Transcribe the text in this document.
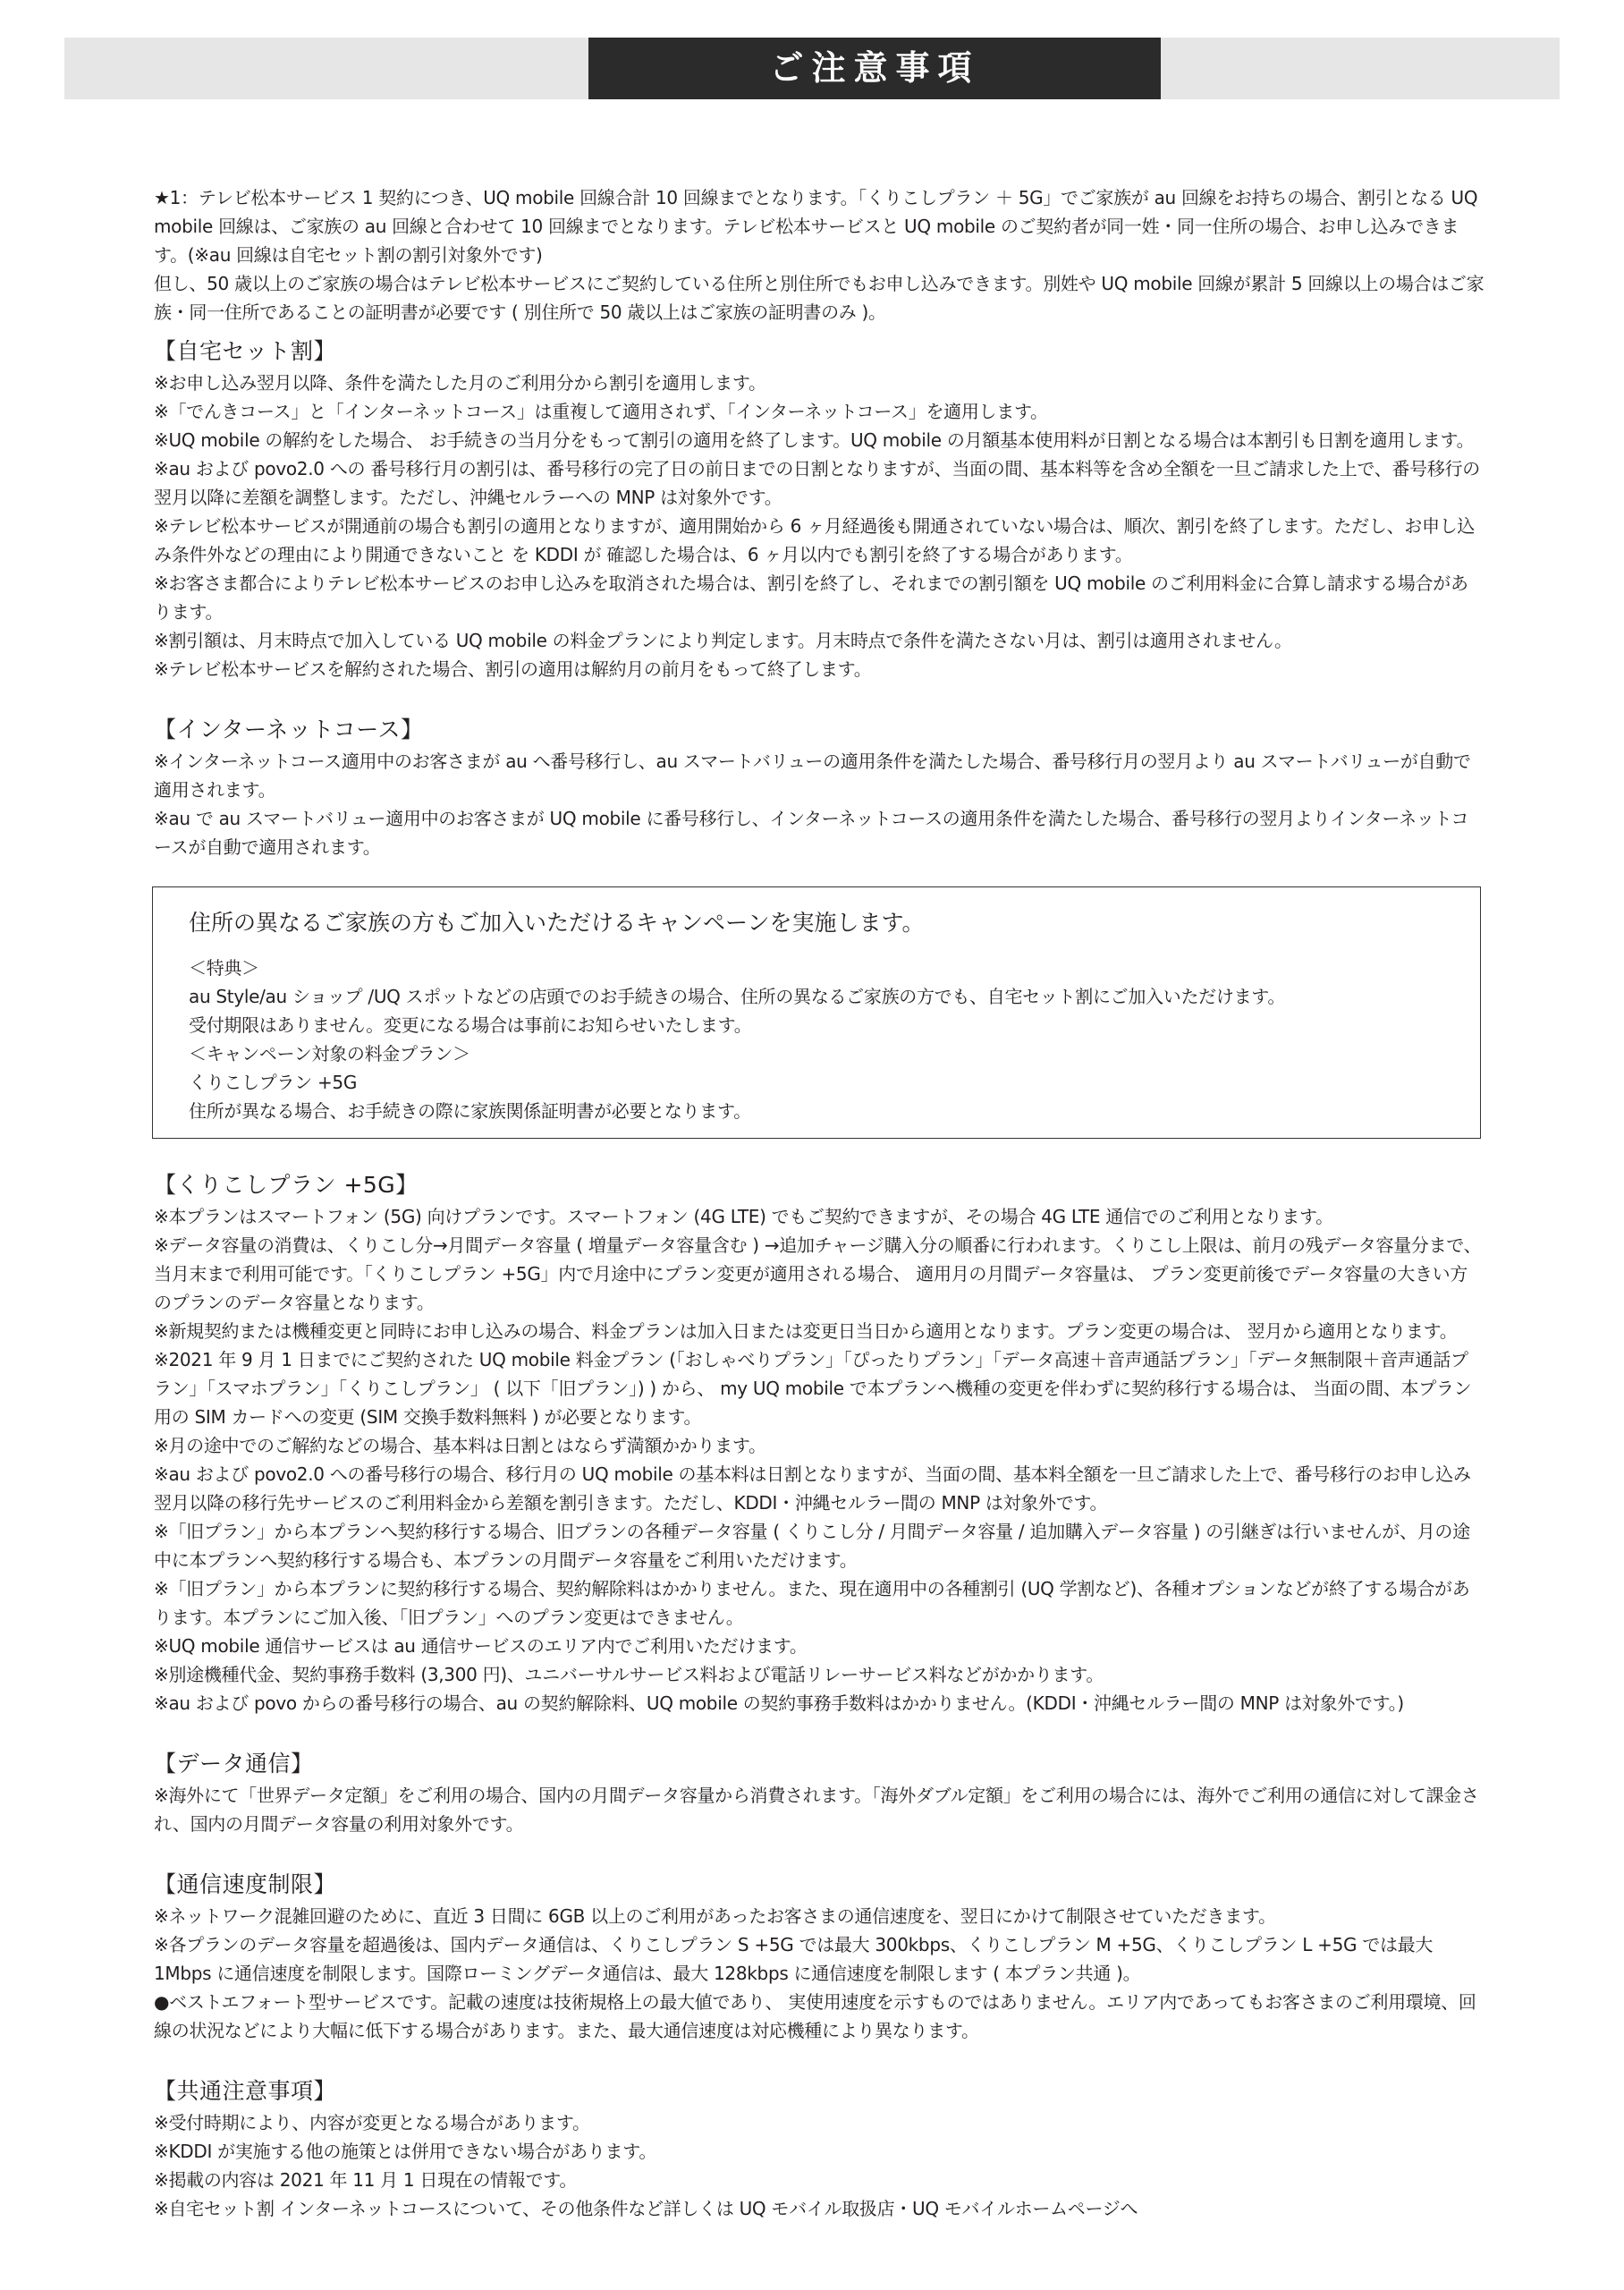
ご注意事項

★1：テレビ松本サービス 1 契約につき、UQ mobile 回線合計 10 回線までとなります。「くりこしプラン ＋ 5G」でご家族が au 回線をお持ちの場合、割引となる UQ mobile 回線は、ご家族の au 回線と合わせて 10 回線までとなります。テレビ松本サービスと UQ mobile のご契約者が同一姓・同一住所の場合、お申し込みできます。(※au 回線は自宅セット割の割引対象外です)

但し、50 歳以上のご家族の場合はテレビ松本サービスにご契約している住所と別住所でもお申し込みできます。別姓や UQ mobile 回線が累計 5 回線以上の場合はご家族・同一住所であることの証明書が必要です ( 別住所で 50 歳以上はご家族の証明書のみ )。

【自宅セット割】

※お申し込み翌月以降、条件を満たした月のご利用分から割引を適用します。

※「でんきコース」と「インターネットコース」は重複して適用されず、「インターネットコース」を適用します。

※UQ mobile の解約をした場合、 お手続きの当月分をもって割引の適用を終了します。UQ mobile の月額基本使用料が日割となる場合は本割引も日割を適用します。

※au および povo2.0 への 番号移行月の割引は、番号移行の完了日の前日までの日割となりますが、当面の間、基本料等を含め全額を一旦ご請求した上で、番号移行の翌月以降に差額を調整します。ただし、沖縄セルラーへの MNP は対象外です。

※テレビ松本サービスが開通前の場合も割引の適用となりますが、適用開始から 6 ヶ月経過後も開通されていない場合は、順次、割引を終了します。ただし、お申し込み条件外などの理由により開通できないこと を KDDI が 確認した場合は、6 ヶ月以内でも割引を終了する場合があります。

※お客さま都合によりテレビ松本サービスのお申し込みを取消された場合は、割引を終了し、それまでの割引額を UQ mobile のご利用料金に合算し請求する場合があります。

※割引額は、月末時点で加入している UQ mobile の料金プランにより判定します。月末時点で条件を満たさない月は、割引は適用されません。

※テレビ松本サービスを解約された場合、割引の適用は解約月の前月をもって終了します。

【インターネットコース】

※インターネットコース適用中のお客さまが au へ番号移行し、au スマートバリューの適用条件を満たした場合、番号移行月の翌月より au スマートバリューが自動で適用されます。

※au で au スマートバリュー適用中のお客さまが UQ mobile に番号移行し、インターネットコースの適用条件を満たした場合、番号移行の翌月よりインターネットコースが自動で適用されます。

住所の異なるご家族の方もご加入いただけるキャンペーンを実施します。

＜特典＞

au Style/au ショップ /UQ スポットなどの店頭でのお手続きの場合、住所の異なるご家族の方でも、自宅セット割にご加入いただけます。

受付期限はありません。変更になる場合は事前にお知らせいたします。

＜キャンペーン対象の料金プラン＞

くりこしプラン +5G

住所が異なる場合、お手続きの際に家族関係証明書が必要となります。

【くりこしプラン +5G】

※本プランはスマートフォン (5G) 向けプランです。スマートフォン (4G LTE) でもご契約できますが、その場合 4G LTE 通信でのご利用となります。

※データ容量の消費は、くりこし分→月間データ容量 ( 増量データ容量含む ) →追加チャージ購入分の順番に行われます。くりこし上限は、前月の残データ容量分まで、 当月末まで利用可能です。「くりこしプラン +5G」内で月途中にプラン変更が適用される場合、 適用月の月間データ容量は、 プラン変更前後でデータ容量の大きい方のプランのデータ容量となります。

※新規契約または機種変更と同時にお申し込みの場合、料金プランは加入日または変更日当日から適用となります。プラン変更の場合は、 翌月から適用となります。

※2021 年 9 月 1 日までにご契約された UQ mobile 料金プラン (「おしゃべりプラン」「ぴったりプラン」「データ高速＋音声通話プラン」「データ無制限＋音声通話プラン」「スマホプラン」「くりこしプラン」 ( 以下「旧プラン」) ) から、 my UQ mobile で本プランへ機種の変更を伴わずに契約移行する場合は、 当面の間、本プラン用の SIM カードへの変更 (SIM 交換手数料無料 ) が必要となります。

※月の途中でのご解約などの場合、基本料は日割とはならず満額かかります。

※au および povo2.0 への番号移行の場合、移行月の UQ mobile の基本料は日割となりますが、当面の間、基本料全額を一旦ご請求した上で、番号移行のお申し込み翌月以降の移行先サービスのご利用料金から差額を割引きます。ただし、KDDI・沖縄セルラー間の MNP は対象外です。

※「旧プラン」から本プランへ契約移行する場合、旧プランの各種データ容量 ( くりこし分 / 月間データ容量 / 追加購入データ容量 ) の引継ぎは行いませんが、月の途中に本プランへ契約移行する場合も、本プランの月間データ容量をご利用いただけます。

※「旧プラン」から本プランに契約移行する場合、契約解除料はかかりません。また、現在適用中の各種割引 (UQ 学割など)、各種オプションなどが終了する場合があります。本プランにご加入後、「旧プラン」へのプラン変更はできません。

※UQ mobile 通信サービスは au 通信サービスのエリア内でご利用いただけます。

※別途機種代金、契約事務手数料 (3,300 円)、ユニバーサルサービス料および電話リレーサービス料などがかかります。

※au および povo からの番号移行の場合、au の契約解除料、UQ mobile の契約事務手数料はかかりません。(KDDI・沖縄セルラー間の MNP は対象外です。)

【データ通信】

※海外にて「世界データ定額」をご利用の場合、国内の月間データ容量から消費されます。「海外ダブル定額」をご利用の場合には、海外でご利用の通信に対して課金され、国内の月間データ容量の利用対象外です。

【通信速度制限】

※ネットワーク混雑回避のために、直近 3 日間に 6GB 以上のご利用があったお客さまの通信速度を、翌日にかけて制限させていただきます。

※各プランのデータ容量を超過後は、国内データ通信は、くりこしプラン S +5G では最大 300kbps、くりこしプラン M +5G、くりこしプラン L +5G では最大 1Mbps に通信速度を制限します。国際ローミングデータ通信は、最大 128kbps に通信速度を制限します ( 本プラン共通 )。

●ベストエフォート型サービスです。記載の速度は技術規格上の最大値であり、 実使用速度を示すものではありません。エリア内であってもお客さまのご利用環境、回線の状況などにより大幅に低下する場合があります。また、最大通信速度は対応機種により異なります。

【共通注意事項】

※受付時期により、内容が変更となる場合があります。

※KDDI が実施する他の施策とは併用できない場合があります。

※掲載の内容は 2021 年 11 月 1 日現在の情報です。

※自宅セット割 インターネットコースについて、その他条件など詳しくは UQ モバイル取扱店・UQ モバイルホームページへ
